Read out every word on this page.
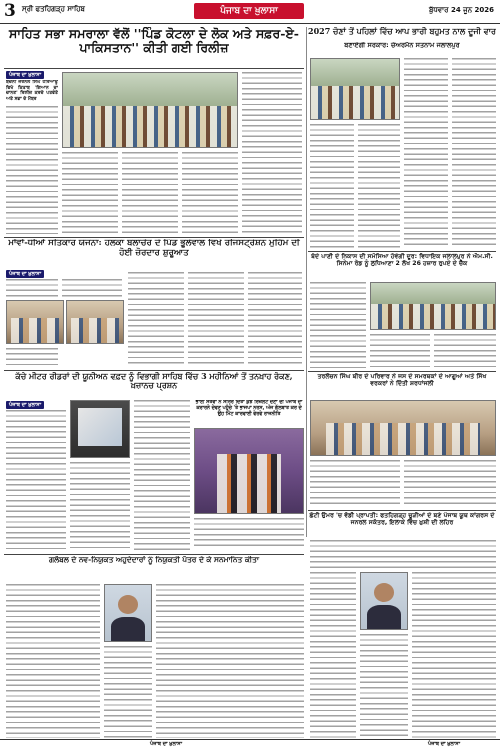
3 ਸ੍ਰੀ ਫਤਹਿਗੜ੍ਹ ਸਾਹਿਬ	ਪੰਜਾਬ ਦਾ ਖ਼ੁਲਾਸਾ	ਬੁੱਧਵਾਰ 24 ਜੂਨ 2026
ਸਾਹਿਤ ਸਭਾ ਸਮਰਾਲਾ ਵੱਲੋਂ ''ਪਿੰਡ ਕੋਟਲਾ ਦੇ ਲੋਕ ਅਤੇ ਸਫ਼ਰ-ਏ-ਪਾਕਿਸਤਾਨ'' ਕੀਤੀ ਗਈ ਰਿਲੀਜ਼
2027 ਚੋਣਾਂ ਤੋਂ ਪਹਿਲਾਂ ਵਿੱਚ ਆਪ ਭਾਰੀ ਬਹੁਮਤ ਨਾਲ ਦੂਜੀ ਵਾਰ
ਬਣਾਏਗੀ ਸਰਕਾਰ: ਚੇਅਰਮੈਨ ਸਤਨਾਮ ਜਲਾਲਪੁਰ
ਪੰਜਾਬ ਦਾ ਖ਼ੁਲਾਸਾ
ਬਚਨੀ ਜਰਨੈਲ ਸਿੰਘ ਹਰਿਆਊ ਵਿਖੇ ਕਿਤਾਬ 'ਗਿਆਨ ਦਾ ਚਾਨਣ' ਰਿਲੀਜ਼ ਕਰਦੇ ਪਤਵੰਤੇ ਅਤੇ ਸਭਾ ਦੇ ਮੈਂਬਰ
ਮਾਂਵਾਂ-ਧੀਆਂ ਸਤਿਕਾਰ ਯੋਜਨਾ: ਹਲਕਾ ਬਲਾਚੌਰ ਦੇ ਪਿੰਡ ਭੂਲੇਵਾਲ ਵਿਖੇ ਰਜਿਸਟ੍ਰੇਸ਼ਨ ਮੁਹਿੰਮ ਦੀ ਹੋਈ ਜ਼ੋਰਦਾਰ ਸ਼ੁਰੂਆਤ
ਪੰਜਾਬ ਦਾ ਖ਼ੁਲਾਸਾ
ਬੰਦੇ ਪਾਣੀ ਦੇ ਨਿਕਾਸ ਦੀ ਸਮੱਸਿਆ ਹੋਵੇਗੀ ਦੂਰ: ਵਿਧਾਇਕ ਜਲਾਲਪੁਰ ਨੇ ਐਮ.ਸੀ. ਸਿਨੇਮਾ ਰੋਡ ਨੂੰ ਲੁਧਿਆਣਾ 2 ਲੱਖ 26 ਹਜ਼ਾਰ ਰੁਪਏ ਦੇ ਚੈੱਕ
ਕੱਚੇ ਮੀਟਰ ਰੀਡਰਾਂ ਦੀ ਯੂਨੀਅਨ ਵਫ਼ਦ ਨੂੰ ਵਿਭਾਗੀ ਸਾਹਿਬ ਵਿੱਚ 3 ਮਹੀਨਿਆਂ ਤੋਂ ਤਨਖ਼ਾਹ ਰੋਕਣ, ਖ਼ਜ਼ਾਨਚ ਪ੍ਰਸ਼ਨ
ਪੰਜਾਬ ਦਾ ਖ਼ੁਲਾਸਾ	ਭਾਈ ਸੰਤਵਾ ਨੇ ਸਰਿਰ ਦਿੱਤਾ ਕੁਝ ਰਿਜ਼ਲਟ ਦੇਣਾ ਦੀ ਪੰਜਾਬ ਦਾ ਕਰਾਰਨੇ ਦੇਵਣ ਪਹੁੰਚੇ 'ਤੇ ਭਾਜਪਾ ਨਰਸ, ਅੱਜ ਗੱਲਬਾਤ ਕਰ ਦੇ ਉਹ ਮਿੰਟ ਕਾਰਵਾਈ ਵੇਰਵੇ ਰਾਜਨੀਤਿ
ਤਰਲੋਚਨ ਸਿੰਘ ਬੀਰ ਦੇ ਪਰਿਵਾਰ ਨੇ ਜਸ ਦੇ ਸਮਰਥਕਾਂ ਦੇ ਆਗੂਆਂ ਅਤੇ ਸਿੱਖ ਵਰਕਰਾਂ ਨੇ ਦਿੱਤੀ ਸ਼ਰਧਾਂਜਲੀ
ਛੋਟੀ ਉਮਰ 'ਚ ਵੱਡੀ ਪ੍ਰਾਪਤੀ: ਫਤਹਿਗੜ੍ਹ ਚੂੜੀਆਂ ਦੇ ਬਣੇ ਪੰਜਾਬ ਯੂਥ ਕਾਂਗਰਸ ਦੇ ਜਨਰਲ ਸਕੱਤਰ, ਇਲਾਕੇ ਵਿੱਚ ਖ਼ੁਸ਼ੀ ਦੀ ਲਹਿਰ
ਗਲੋਬਲ ਦੇ ਨਵ-ਨਿਯੁਕਤ ਅਹੁਦੇਦਾਰਾਂ ਨੂੰ ਨਿਯੁਕਤੀ ਪੱਤਰ ਦੇ ਕੇ ਸਨਮਾਨਿਤ ਕੀਤਾ
ਪੰਜਾਬ ਦਾ ਖ਼ੁਲਾਸਾ	ਪੰਜਾਬ ਦਾ ਖ਼ੁਲਾਸਾ
